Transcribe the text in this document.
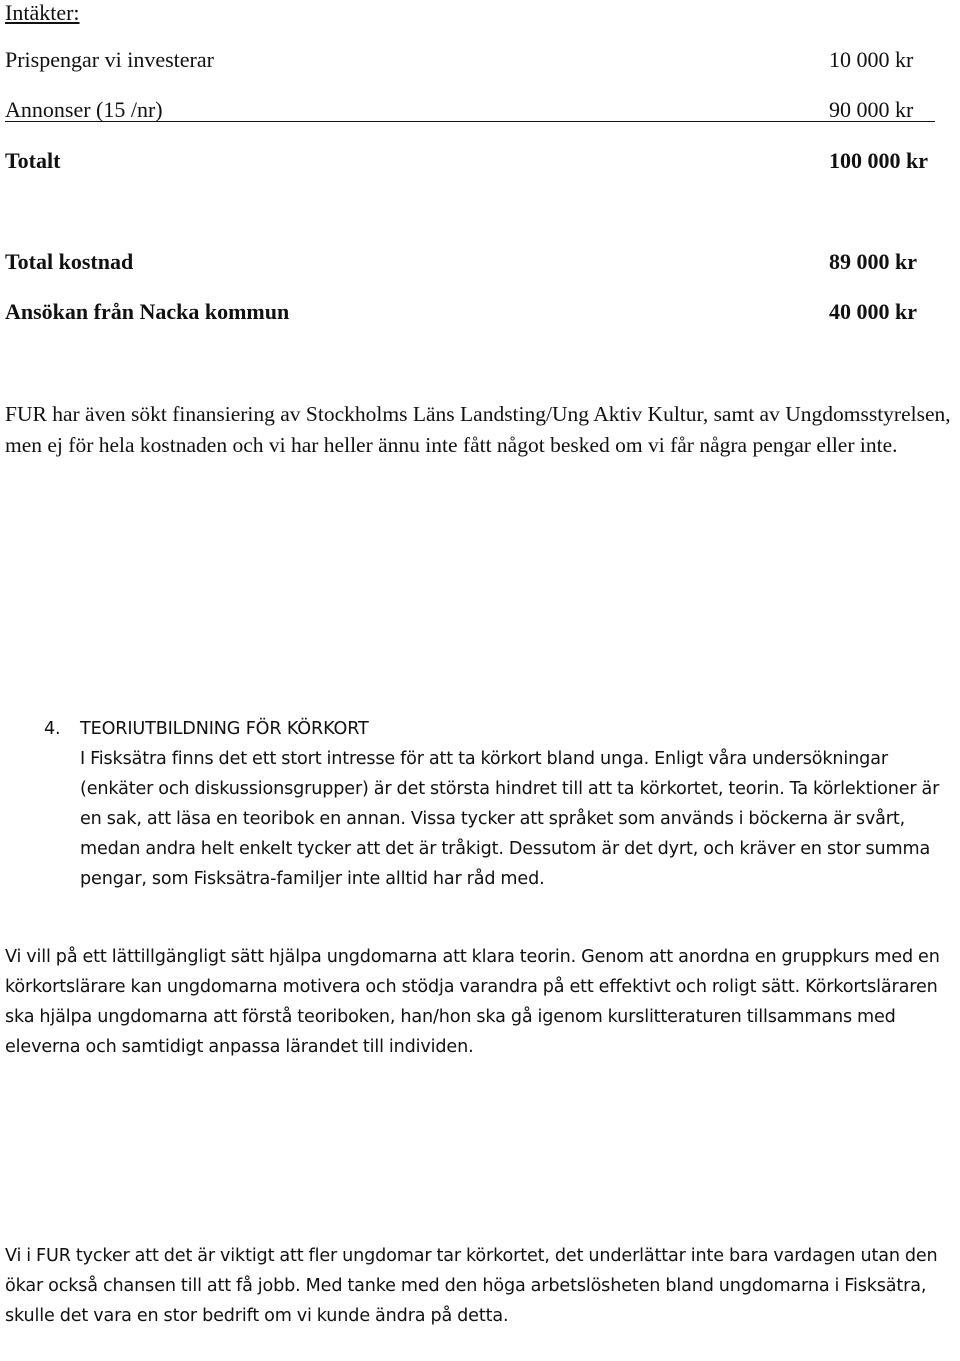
Intäkter:
Prispengar vi investerar	10 000 kr
Annonser (15 /nr)	90 000 kr
Totalt	100 000 kr
Total kostnad	89 000 kr
Ansökan från Nacka kommun	40 000 kr

FUR har även sökt finansiering av Stockholms Läns Landsting/Ung Aktiv Kultur, samt av Ungdomsstyrelsen, men ej för hela kostnaden och vi har heller ännu inte fått något besked om vi får några pengar eller inte.

4. TEORIUTBILDNING FÖR KÖRKORT

I Fisksätra finns det ett stort intresse för att ta körkort bland unga. Enligt våra undersökningar (enkäter och diskussionsgrupper) är det största hindret till att ta körkortet, teorin. Ta körlektioner är en sak, att läsa en teoribok en annan. Vissa tycker att språket som används i böckerna är svårt, medan andra helt enkelt tycker att det är tråkigt. Dessutom är det dyrt, och kräver en stor summa pengar, som Fisksätra-familjer inte alltid har råd med.

Vi vill på ett lättillgängligt sätt hjälpa ungdomarna att klara teorin. Genom att anordna en gruppkurs med en körkortslärare kan ungdomarna motivera och stödja varandra på ett effektivt och roligt sätt. Körkortsläraren ska hjälpa ungdomarna att förstå teoriboken, han/hon ska gå igenom kurslitteraturen tillsammans med eleverna och samtidigt anpassa lärandet till individen.

Vi i FUR tycker att det är viktigt att fler ungdomar tar körkortet, det underlättar inte bara vardagen utan den ökar också chansen till att få jobb. Med tanke med den höga arbetslösheten bland ungdomarna i Fisksätra, skulle det vara en stor bedrift om vi kunde ändra på detta.
